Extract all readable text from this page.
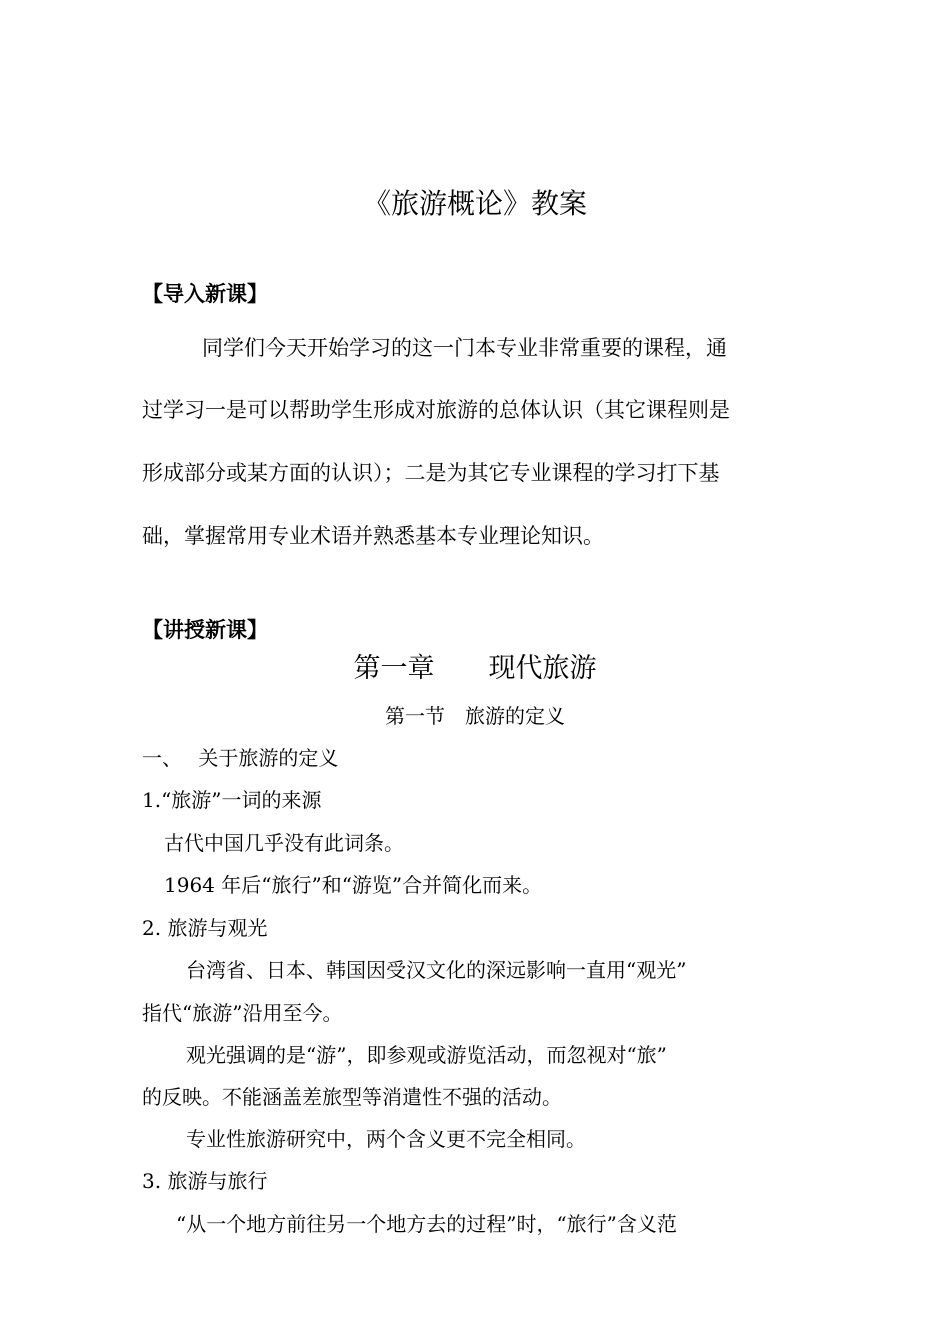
《旅游概论》教案
【导入新课】
同学们今天开始学习的这一门本专业非常重要的课程，通
过学习一是可以帮助学生形成对旅游的总体认识（其它课程则是
形成部分或某方面的认识）；二是为其它专业课程的学习打下基
础，掌握常用专业术语并熟悉基本专业理论知识。
【讲授新课】
第一章　　现代旅游
第一节　旅游的定义
一、　 关于旅游的定义
1.“旅游”一词的来源
古代中国几乎没有此词条。
1964 年后“旅行”和“游览”合并简化而来。
2. 旅游与观光
台湾省、日本、韩国因受汉文化的深远影响一直用“观光”
指代“旅游”沿用至今。
观光强调的是“游”，即参观或游览活动，而忽视对“旅”
的反映。不能涵盖差旅型等消遣性不强的活动。
专业性旅游研究中，两个含义更不完全相同。
3. 旅游与旅行
“从一个地方前往另一个地方去的过程”时，“旅行”含义范
